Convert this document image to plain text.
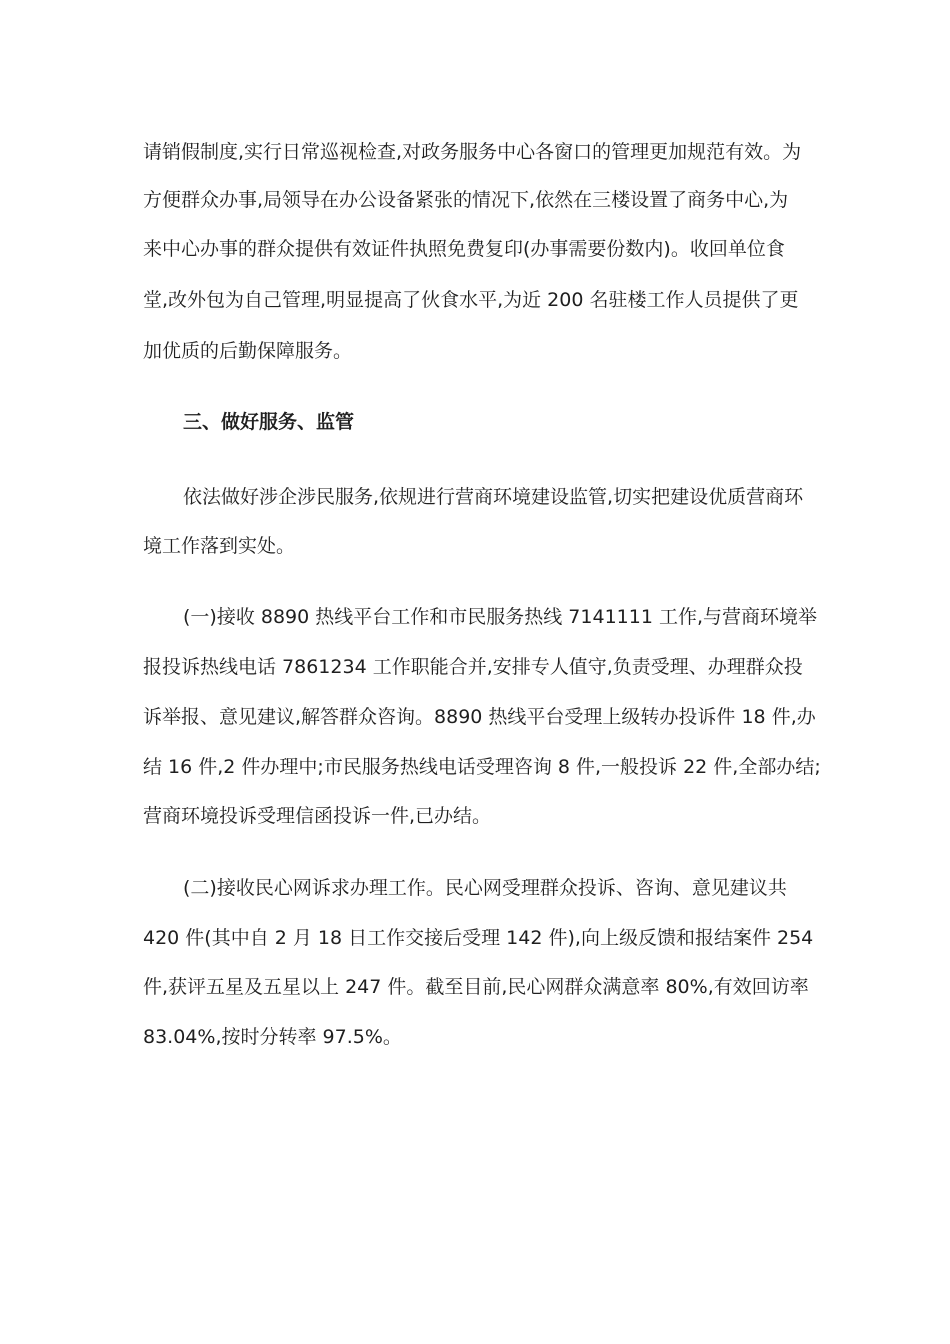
请销假制度,实行日常巡视检查,对政务服务中心各窗口的管理更加规范有效。为
方便群众办事,局领导在办公设备紧张的情况下,依然在三楼设置了商务中心,为
来中心办事的群众提供有效证件执照免费复印(办事需要份数内)。收回单位食
堂,改外包为自己管理,明显提高了伙食水平,为近 200 名驻楼工作人员提供了更
加优质的后勤保障服务。
三、做好服务、监管
依法做好涉企涉民服务,依规进行营商环境建设监管,切实把建设优质营商环
境工作落到实处。
(一)接收 8890 热线平台工作和市民服务热线 7141111 工作,与营商环境举
报投诉热线电话 7861234 工作职能合并,安排专人值守,负责受理、办理群众投
诉举报、意见建议,解答群众咨询。8890 热线平台受理上级转办投诉件 18 件,办
结 16 件,2 件办理中;市民服务热线电话受理咨询 8 件,一般投诉 22 件,全部办结;
营商环境投诉受理信函投诉一件,已办结。
(二)接收民心网诉求办理工作。民心网受理群众投诉、咨询、意见建议共
420 件(其中自 2 月 18 日工作交接后受理 142 件),向上级反馈和报结案件 254
件,获评五星及五星以上 247 件。截至目前,民心网群众满意率 80%,有效回访率
83.04%,按时分转率 97.5%。
